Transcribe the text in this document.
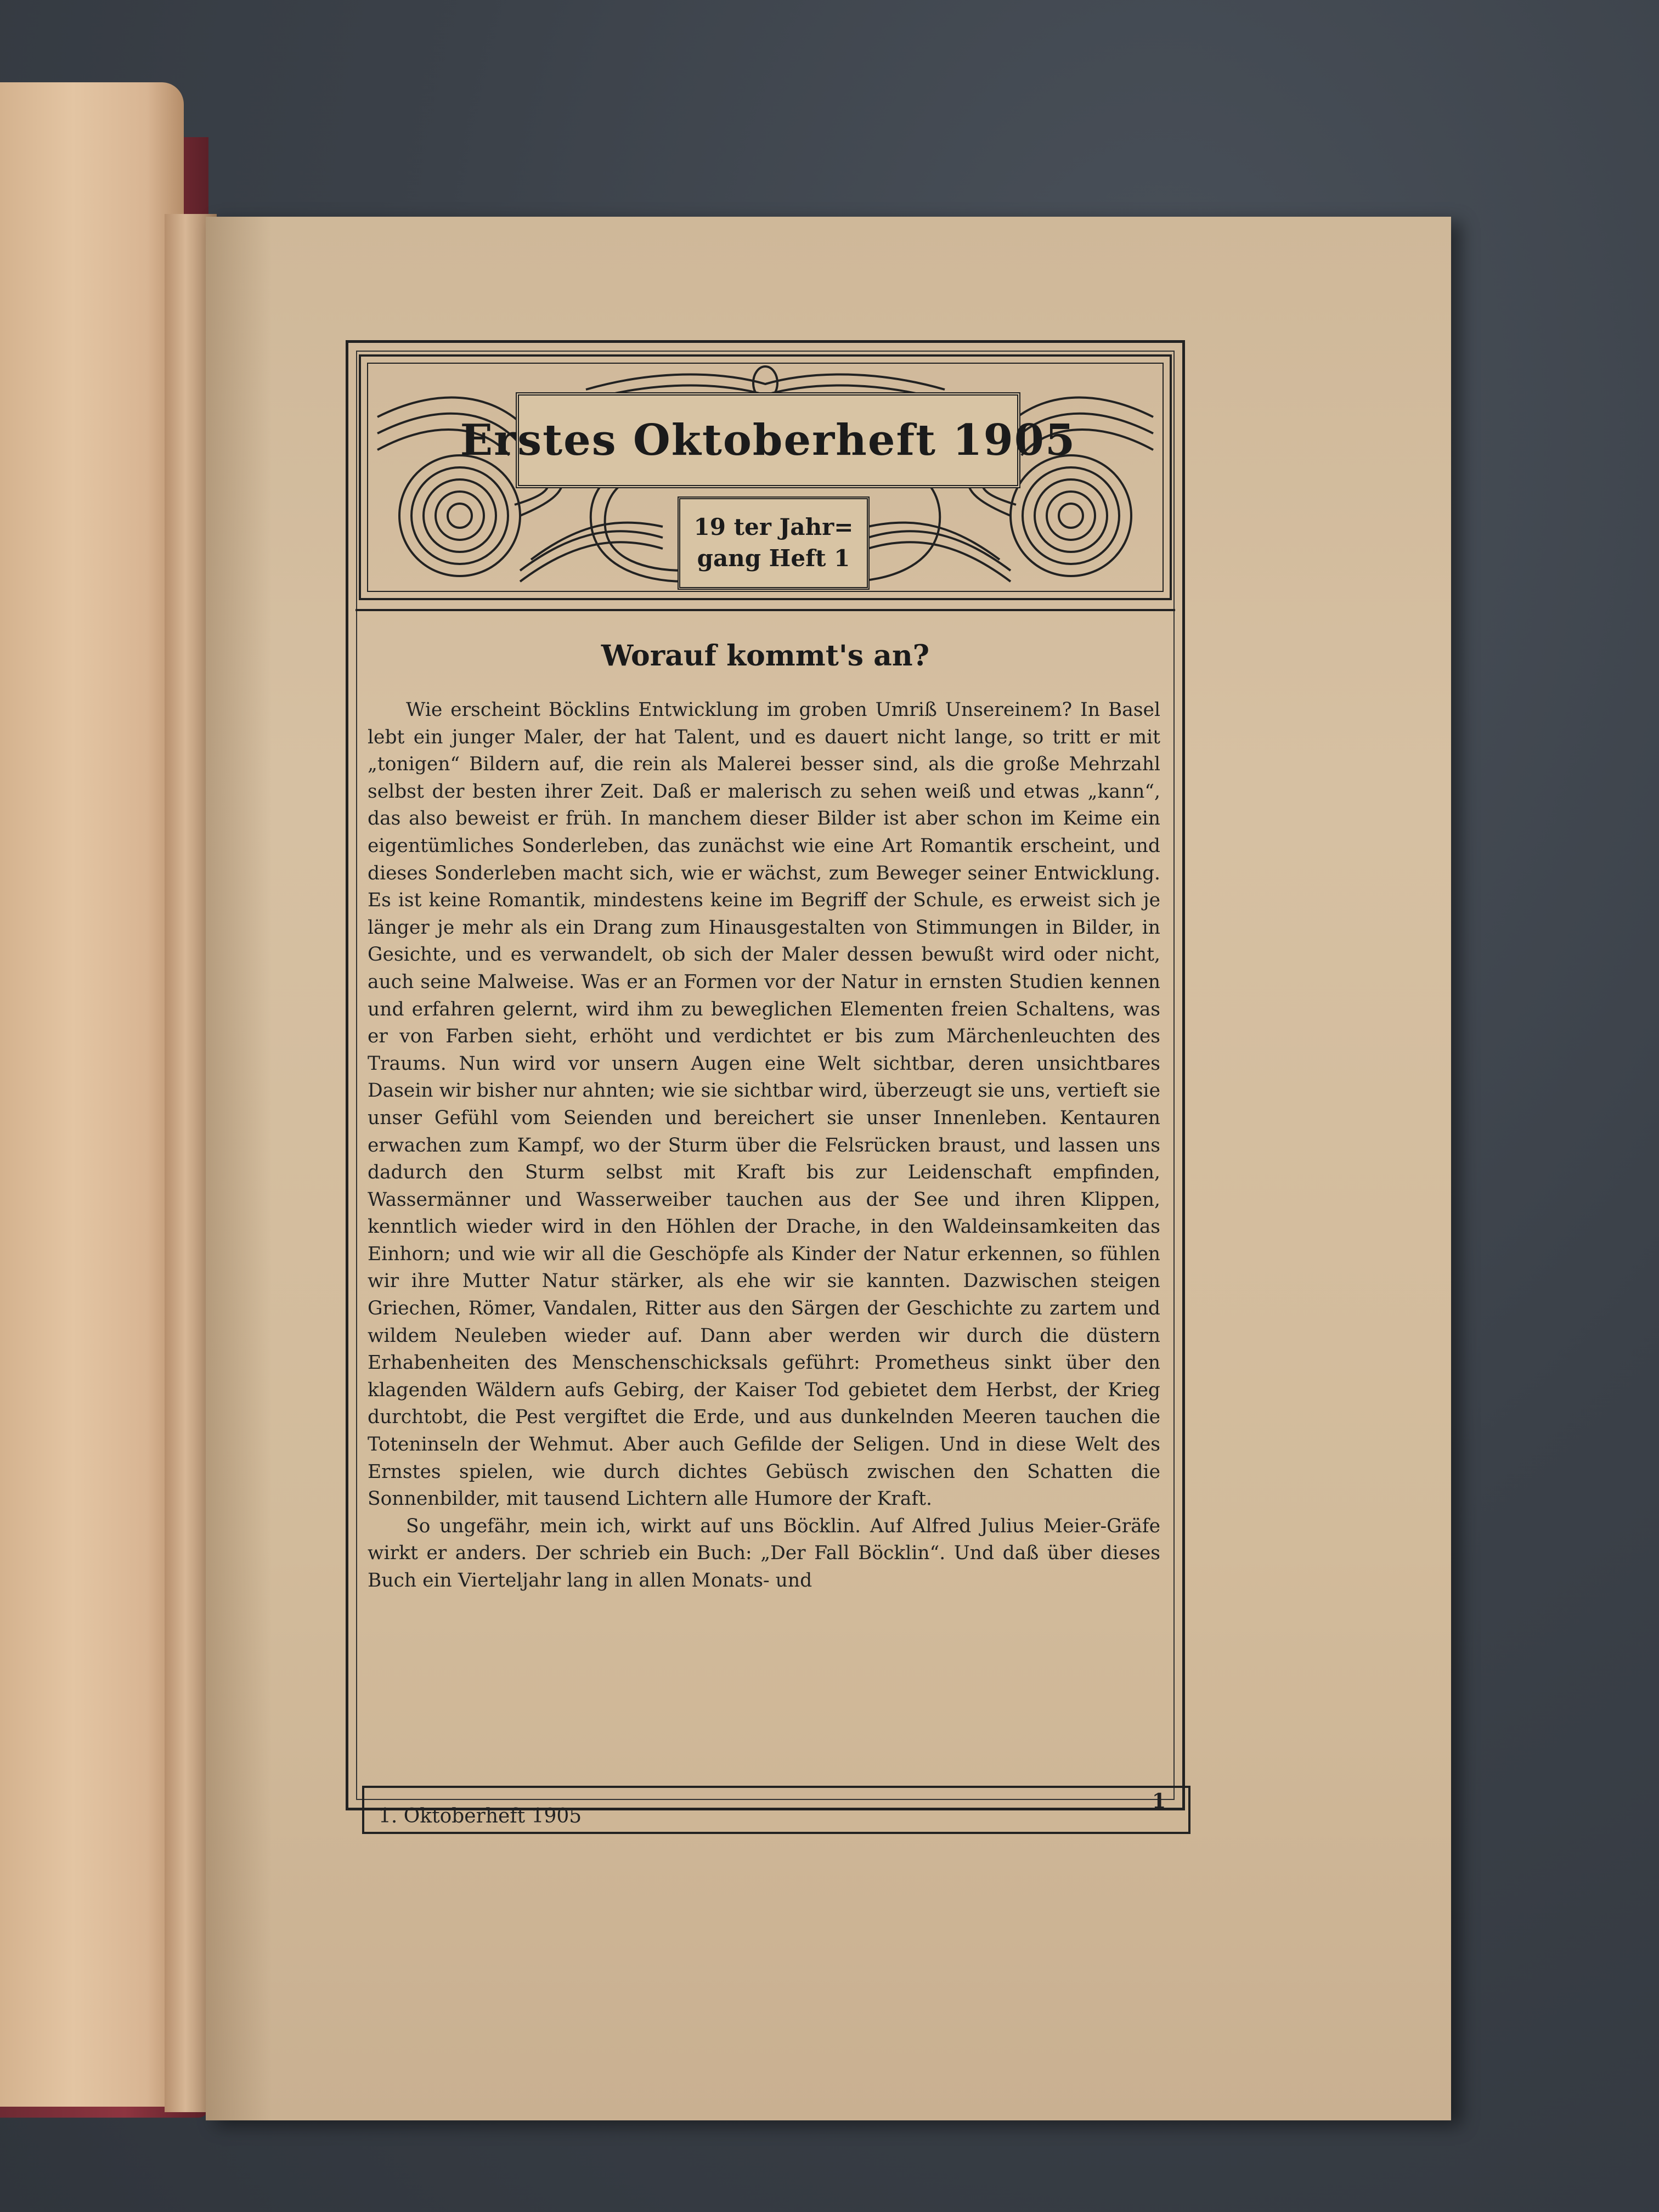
Erstes Oktoberheft 1905
19 ter Jahr=
gang Heft 1
Worauf kommt's an?

Wie erscheint Böcklins Entwicklung im groben Umriß Unsereinem? In Basel lebt ein junger Maler, der hat Talent, und es dauert nicht lange, so tritt er mit „tonigen“ Bildern auf, die rein als Malerei besser sind, als die große Mehrzahl selbst der besten ihrer Zeit. Daß er malerisch zu sehen weiß und etwas „kann“, das also beweist er früh. In manchem dieser Bilder ist aber schon im Keime ein eigentümliches Sonderleben, das zunächst wie eine Art Romantik erscheint, und dieses Sonderleben macht sich, wie er wächst, zum Beweger seiner Entwicklung. Es ist keine Romantik, mindestens keine im Begriff der Schule, es erweist sich je länger je mehr als ein Drang zum Hinausgestalten von Stimmungen in Bilder, in Gesichte, und es verwandelt, ob sich der Maler dessen bewußt wird oder nicht, auch seine Malweise. Was er an Formen vor der Natur in ernsten Studien kennen und erfahren gelernt, wird ihm zu beweglichen Elementen freien Schaltens, was er von Farben sieht, erhöht und verdichtet er bis zum Märchenleuchten des Traums. Nun wird vor unsern Augen eine Welt sichtbar, deren unsichtbares Dasein wir bisher nur ahnten; wie sie sichtbar wird, überzeugt sie uns, vertieft sie unser Gefühl vom Seienden und bereichert sie unser Innenleben. Kentauren erwachen zum Kampf, wo der Sturm über die Felsrücken braust, und lassen uns dadurch den Sturm selbst mit Kraft bis zur Leidenschaft empfinden, Wassermänner und Wasserweiber tauchen aus der See und ihren Klippen, kenntlich wieder wird in den Höhlen der Drache, in den Waldeinsamkeiten das Einhorn; und wie wir all die Geschöpfe als Kinder der Natur erkennen, so fühlen wir ihre Mutter Natur stärker, als ehe wir sie kannten. Dazwischen steigen Griechen, Römer, Vandalen, Ritter aus den Särgen der Geschichte zu zartem und wildem Neuleben wieder auf. Dann aber werden wir durch die düstern Erhabenheiten des Menschenschicksals geführt: Prometheus sinkt über den klagenden Wäldern aufs Gebirg, der Kaiser Tod gebietet dem Herbst, der Krieg durchtobt, die Pest vergiftet die Erde, und aus dunkelnden Meeren tauchen die Toteninseln der Wehmut. Aber auch Gefilde der Seligen. Und in diese Welt des Ernstes spielen, wie durch dichtes Gebüsch zwischen den Schatten die Sonnenbilder, mit tausend Lichtern alle Humore der Kraft.

So ungefähr, mein ich, wirkt auf uns Böcklin. Auf Alfred Julius Meier-Gräfe wirkt er anders. Der schrieb ein Buch: „Der Fall Böcklin“. Und daß über dieses Buch ein Vierteljahr lang in allen Monats- und

1. Oktoberheft 1905
1
